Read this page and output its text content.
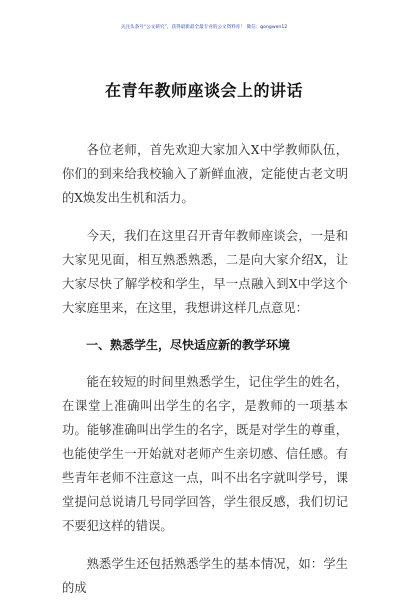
关注头条号“公文研究”，获得最新最全最专业的公文资料库！ 微信：gongwen12
在青年教师座谈会上的讲话

各位老师，首先欢迎大家加入X中学教师队伍，你们的到来给我校输入了新鲜血液，定能使古老文明的X焕发出生机和活力。

今天，我们在这里召开青年教师座谈会，一是和大家见见面，相互熟悉熟悉，二是向大家介绍X，让大家尽快了解学校和学生，早一点融入到X中学这个大家庭里来，在这里，我想讲这样几点意见：

一、熟悉学生，尽快适应新的教学环境

能在较短的时间里熟悉学生，记住学生的姓名，在课堂上准确叫出学生的名字，是教师的一项基本功。能够准确叫出学生的名字，既是对学生的尊重，也能使学生一开始就对老师产生亲切感、信任感。有些青年老师不注意这一点，叫不出名字就叫学号，课堂提问总说请几号同学回答，学生很反感，我们切记不要犯这样的错误。

熟悉学生还包括熟悉学生的基本情况，如：学生的成
